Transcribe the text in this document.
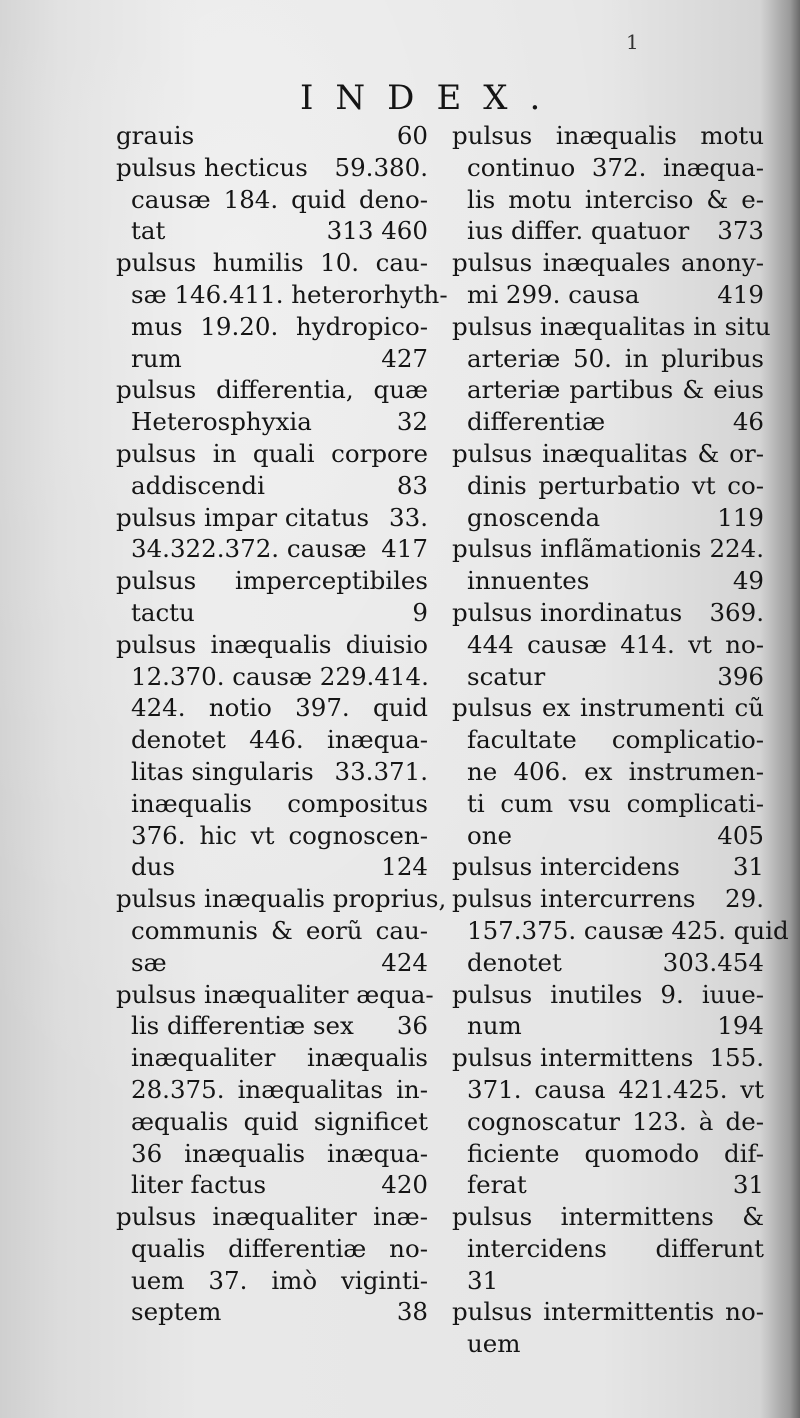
1
INDEX.
grauis	60
pulsus hecticus	59.380.
causæ 184. quid deno-
tat	313 460
pulsus humilis 10. cau-
sæ 146.411. heterorhyth-
mus 19.20. hydropico-
rum	427
pulsus differentia, quæ
Heterosphyxia	32
pulsus in quali corpore
addiscendi	83
pulsus impar citatus 33.
34.322.372. causæ 417
pulsus imperceptibiles
tactu	9
pulsus inæqualis diuisio
12.370. causæ 229.414.
424. notio 397. quid
denotet 446. inæqua-
litas singularis 33.371.
inæqualis compositus
376. hic vt cognoscen-
dus	124
pulsus inæqualis proprius,
communis & eorũ cau-
sæ	424
pulsus inæqualiter æqua-
lis differentiæ sex	36
inæqualiter inæqualis
28.375. inæqualitas in-
æqualis quid significet
36 inæqualis inæqua-
liter factus	420
pulsus inæqualiter inæ-
qualis differentiæ no-
uem 37. imò viginti-
septem	38
pulsus inæqualis motu
continuo 372. inæqua-
lis motu interciso & e-
ius differ. quatuor	373
pulsus inæquales anony-
mi 299. causa	419
pulsus inæqualitas in situ
arteriæ 50. in pluribus
arteriæ partibus & eius
differentiæ	46
pulsus inæqualitas & or-
dinis perturbatio vt co-
gnoscenda	119
pulsus inflãmationis 224.
innuentes	49
pulsus inordinatus	369.
444 causæ 414. vt no-
scatur	396
pulsus ex instrumenti cũ
facultate complicatio-
ne 406. ex instrumen-
ti cum vsu complicati-
one	405
pulsus intercidens	31
pulsus intercurrens	29.
157.375. causæ 425. quid
denotet	303.454
pulsus inutiles 9. iuue-
num	194
pulsus intermittens 155.
371. causa 421.425. vt
cognoscatur 123. à de-
ficiente quomodo dif-
ferat	31
pulsus intermittens &
intercidens differunt
31
pulsus intermittentis no-
uem
